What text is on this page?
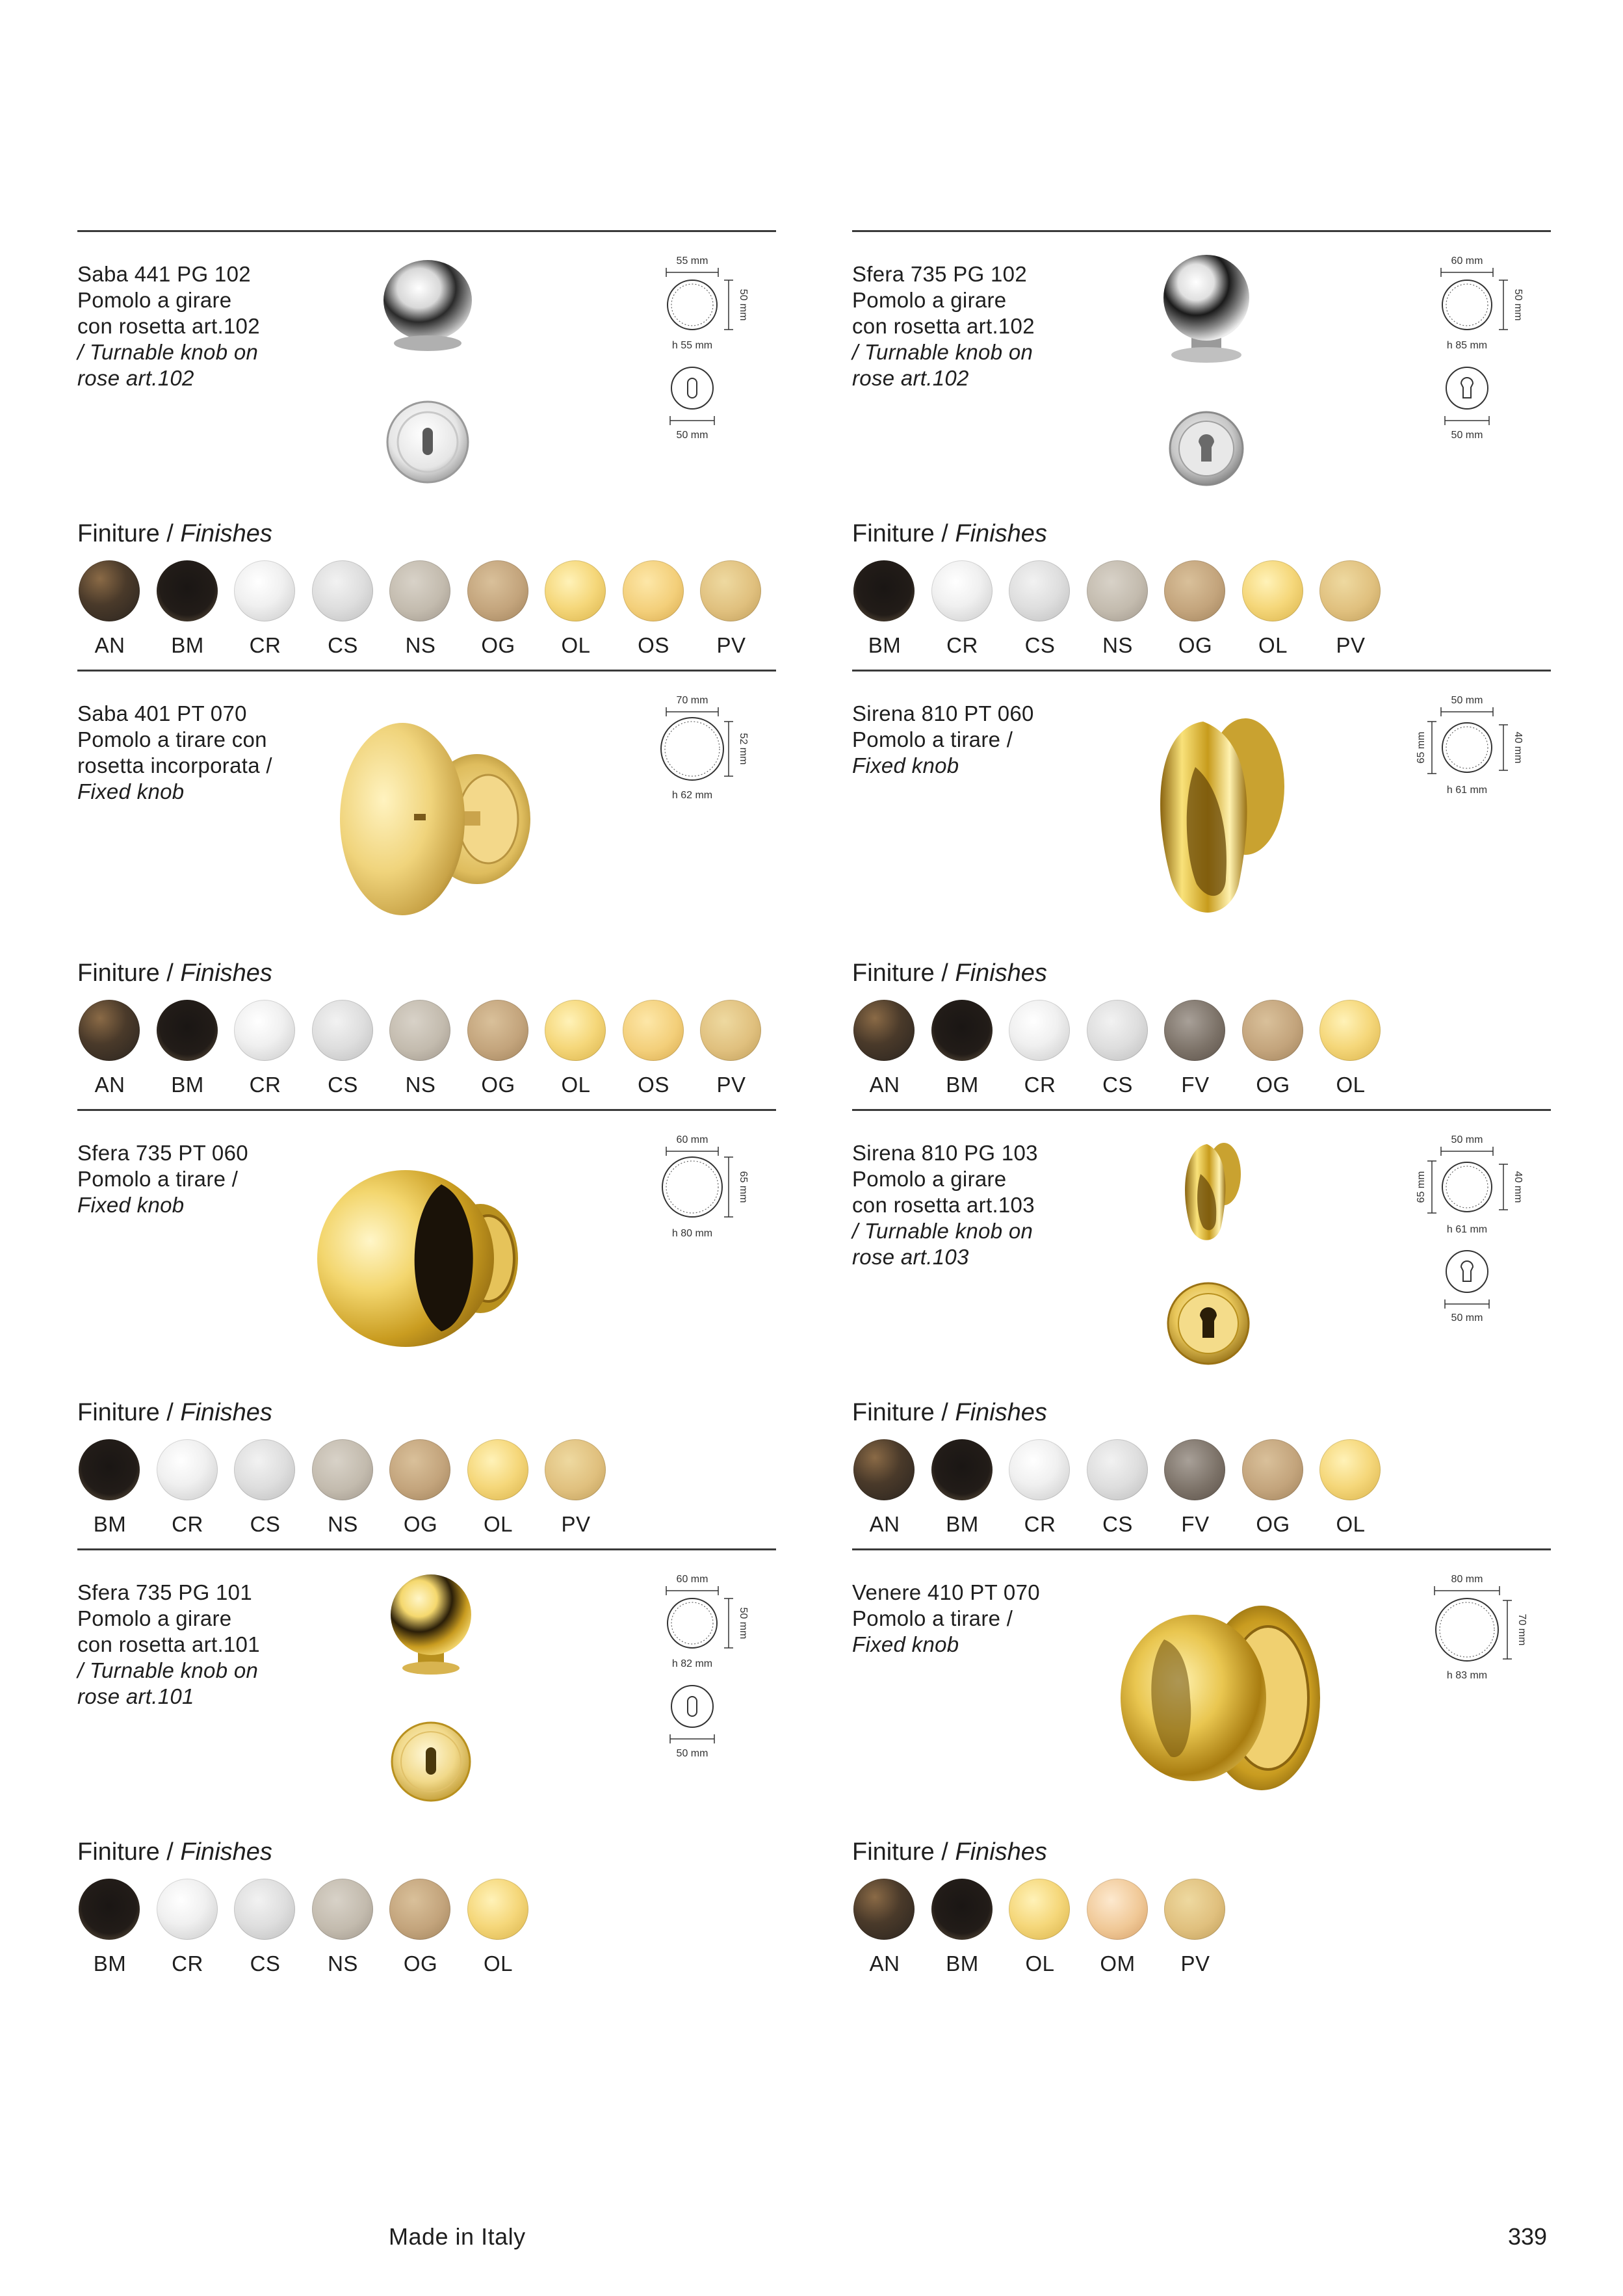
Saba 441 PG 102
Pomolo a girare
con rosetta art.102
/ Turnable knob on
rose art.102
55 mm
50 mm
h 55 mm
50 mm
Finiture / Finishes
AN	BM	CR	CS	NS	OG	OL	OS	PV
Sfera 735 PG 102
Pomolo a girare
con rosetta art.102
/ Turnable knob on
rose art.102
60 mm
50 mm
h 85 mm
50 mm
Finiture / Finishes
BM	CR	CS	NS	OG	OL	PV
Saba 401 PT 070
Pomolo a tirare con
rosetta incorporata /
Fixed knob
70 mm
52 mm
h 62 mm
Finiture / Finishes
AN	BM	CR	CS	NS	OG	OL	OS	PV
Sirena 810 PT 060
Pomolo a tirare /
Fixed knob
50 mm
65 mm	40 mm
h 61 mm
Finiture / Finishes
AN	BM	CR	CS	FV	OG	OL
Sfera 735 PT 060
Pomolo a tirare /
Fixed knob
60 mm
65 mm
h 80 mm
Finiture / Finishes
BM	CR	CS	NS	OG	OL	PV
Sirena 810 PG 103
Pomolo a girare
con rosetta art.103
/ Turnable knob on
rose art.103
50 mm
65 mm	40 mm
h 61 mm
50 mm
Finiture / Finishes
AN	BM	CR	CS	FV	OG	OL
Sfera 735 PG 101
Pomolo a girare
con rosetta art.101
/ Turnable knob on
rose art.101
60 mm
50 mm
h 82 mm
50 mm
Finiture / Finishes
BM	CR	CS	NS	OG	OL
Venere 410 PT 070
Pomolo a tirare /
Fixed knob
80 mm
70 mm
h 83 mm
Finiture / Finishes
AN	BM	OL	OM	PV
Made in Italy	339
